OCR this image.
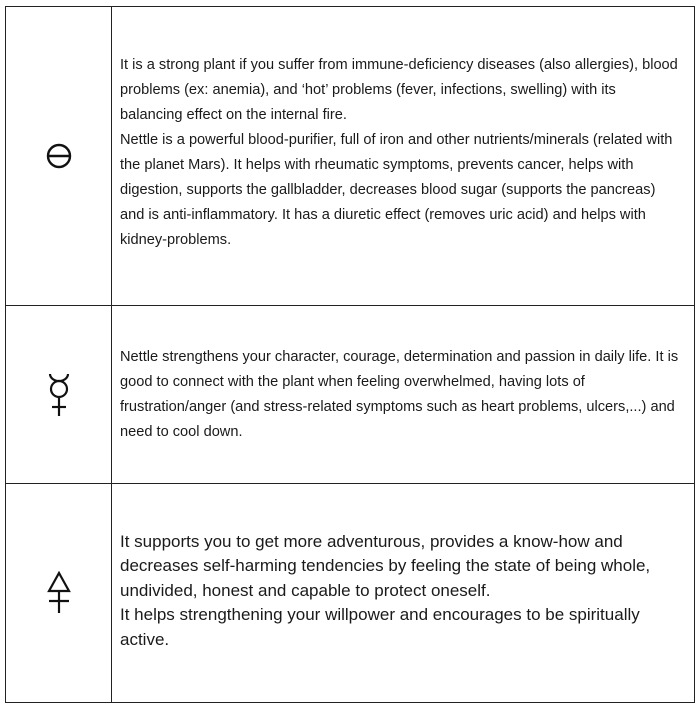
It is a strong plant if you suffer from immune-deficiency diseases (also allergies), blood problems (ex: anemia), and ‘hot’ problems (fever, infections, swelling) with its balancing effect on the internal fire.

Nettle is a powerful blood-purifier, full of iron and other nutrients/minerals (related with the planet Mars). It helps with rheumatic symptoms, prevents cancer, helps with digestion, supports the gallbladder, decreases blood sugar (supports the pancreas) and is anti-inflammatory. It has a diuretic effect (removes uric acid) and helps with kidney-problems.

Nettle strengthens your character, courage, determination and passion in daily life. It is good to connect with the plant when feeling overwhelmed, having lots of frustration/anger (and stress-related symptoms such as heart problems, ulcers,...) and need to cool down.

It supports you to get more adventurous, provides a know-how and decreases self-harming tendencies by feeling the state of being whole, undivided, honest and capable to protect oneself.

It helps strengthening your willpower and encourages to be spiritually active.
